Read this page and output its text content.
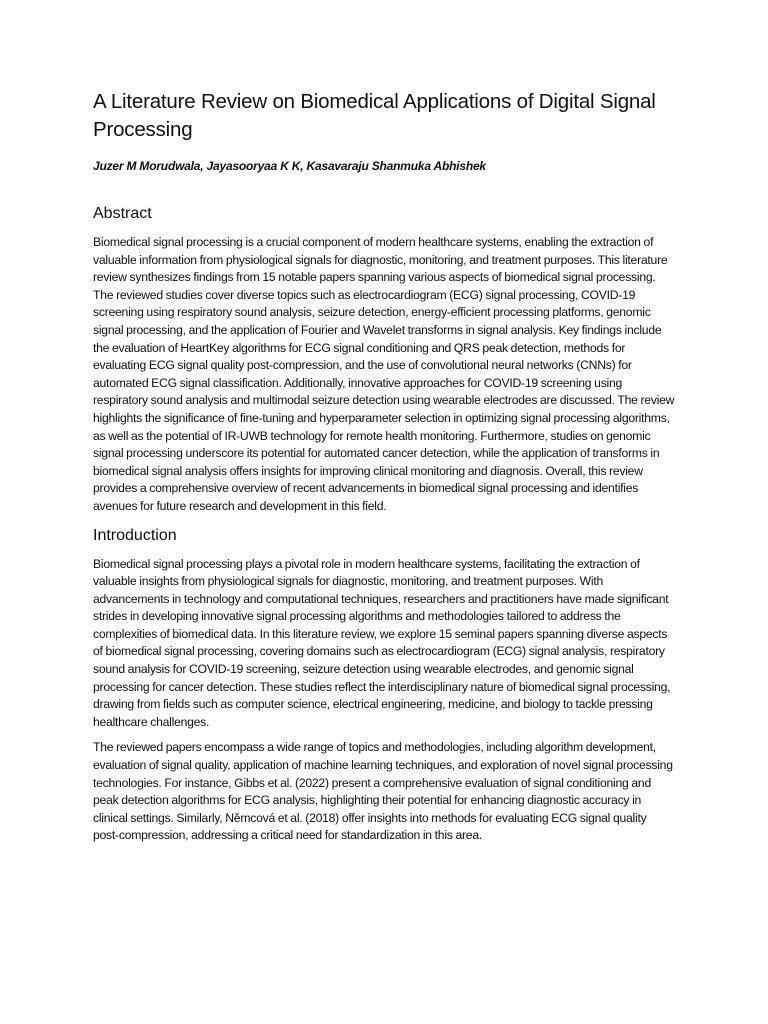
A Literature Review on Biomedical Applications of Digital Signal Processing

Juzer M Morudwala, Jayasooryaa K K, Kasavaraju Shanmuka Abhishek

Abstract

Biomedical signal processing is a crucial component of modern healthcare systems, enabling the extraction of valuable information from physiological signals for diagnostic, monitoring, and treatment purposes. This literature review synthesizes findings from 15 notable papers spanning various aspects of biomedical signal processing. The reviewed studies cover diverse topics such as electrocardiogram (ECG) signal processing, COVID-19 screening using respiratory sound analysis, seizure detection, energy-efficient processing platforms, genomic signal processing, and the application of Fourier and Wavelet transforms in signal analysis. Key findings include the evaluation of HeartKey algorithms for ECG signal conditioning and QRS peak detection, methods for evaluating ECG signal quality post-compression, and the use of convolutional neural networks (CNNs) for automated ECG signal classification. Additionally, innovative approaches for COVID-19 screening using respiratory sound analysis and multimodal seizure detection using wearable electrodes are discussed. The review highlights the significance of fine-tuning and hyperparameter selection in optimizing signal processing algorithms, as well as the potential of IR-UWB technology for remote health monitoring. Furthermore, studies on genomic signal processing underscore its potential for automated cancer detection, while the application of transforms in biomedical signal analysis offers insights for improving clinical monitoring and diagnosis. Overall, this review provides a comprehensive overview of recent advancements in biomedical signal processing and identifies avenues for future research and development in this field.

Introduction

Biomedical signal processing plays a pivotal role in modern healthcare systems, facilitating the extraction of valuable insights from physiological signals for diagnostic, monitoring, and treatment purposes. With advancements in technology and computational techniques, researchers and practitioners have made significant strides in developing innovative signal processing algorithms and methodologies tailored to address the complexities of biomedical data. In this literature review, we explore 15 seminal papers spanning diverse aspects of biomedical signal processing, covering domains such as electrocardiogram (ECG) signal analysis, respiratory sound analysis for COVID-19 screening, seizure detection using wearable electrodes, and genomic signal processing for cancer detection. These studies reflect the interdisciplinary nature of biomedical signal processing, drawing from fields such as computer science, electrical engineering, medicine, and biology to tackle pressing healthcare challenges.

The reviewed papers encompass a wide range of topics and methodologies, including algorithm development, evaluation of signal quality, application of machine learning techniques, and exploration of novel signal processing technologies. For instance, Gibbs et al. (2022) present a comprehensive evaluation of signal conditioning and peak detection algorithms for ECG analysis, highlighting their potential for enhancing diagnostic accuracy in clinical settings. Similarly, Němcová et al. (2018) offer insights into methods for evaluating ECG signal quality post-compression, addressing a critical need for standardization in this area.
